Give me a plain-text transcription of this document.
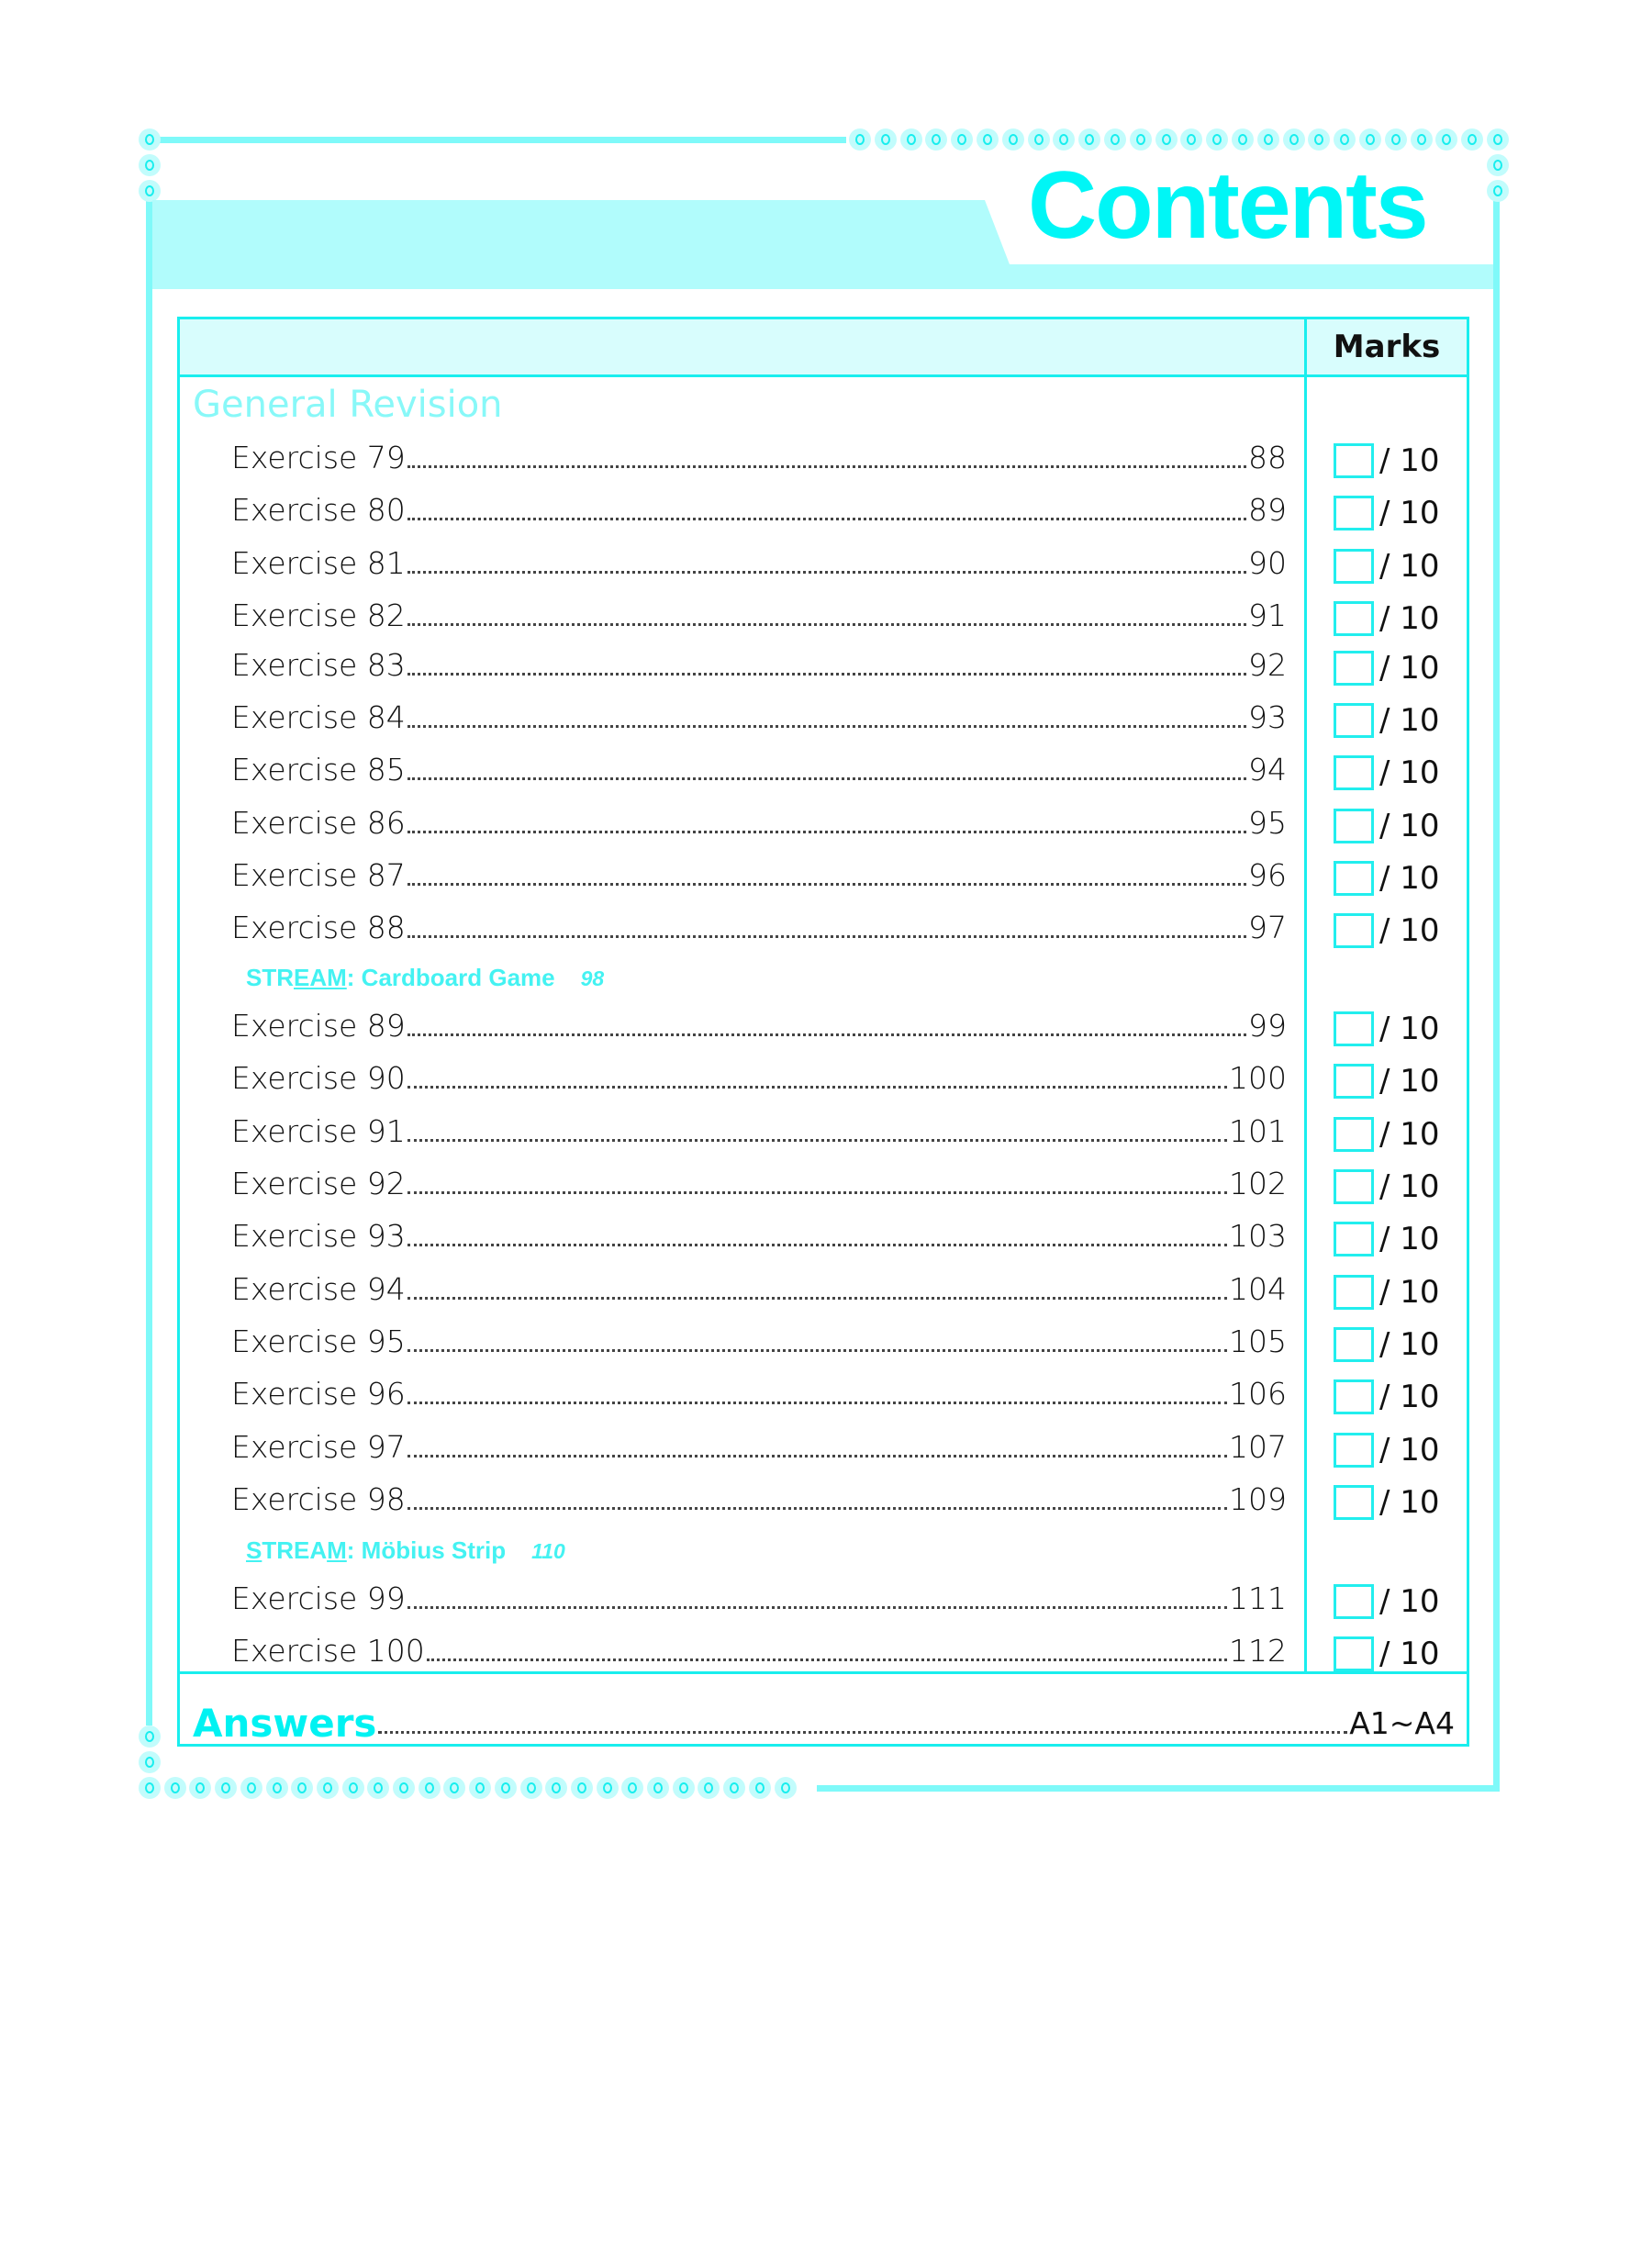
Contents
Marks
General Revision
Exercise 79	88	/ 10
Exercise 80	89	/ 10
Exercise 81	90	/ 10
Exercise 82	91	/ 10
Exercise 83	92	/ 10
Exercise 84	93	/ 10
Exercise 85	94	/ 10
Exercise 86	95	/ 10
Exercise 87	96	/ 10
Exercise 88	97	/ 10
STREAM: Cardboard Game 98
Exercise 89	99	/ 10
Exercise 90	100	/ 10
Exercise 91	101	/ 10
Exercise 92	102	/ 10
Exercise 93	103	/ 10
Exercise 94	104	/ 10
Exercise 95	105	/ 10
Exercise 96	106	/ 10
Exercise 97	107	/ 10
Exercise 98	109	/ 10
STREAM: Möbius Strip 110
Exercise 99	111	/ 10
Exercise 100	112	/ 10
Answers	A1~A4
